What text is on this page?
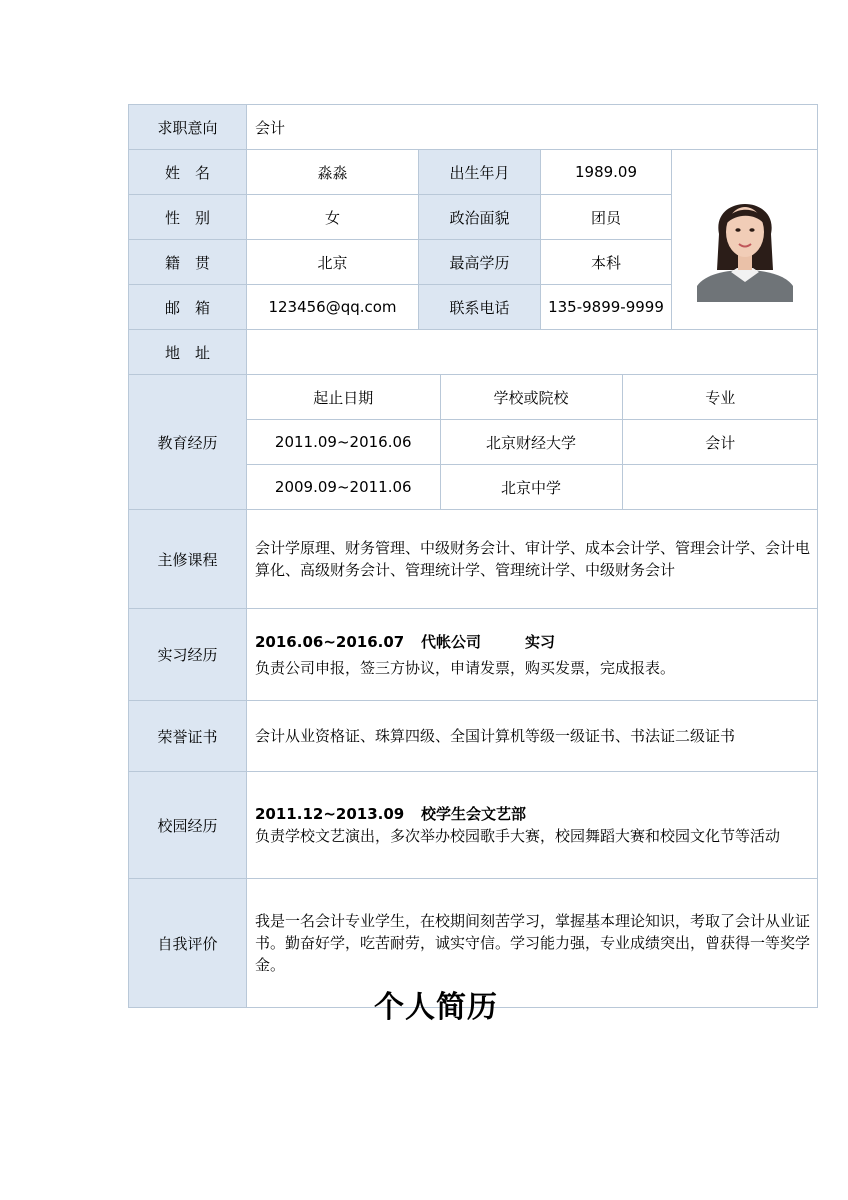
求职意向	会计
姓　名	淼淼	出生年月	1989.09	
性　别	女	政治面貌	团员
籍　贯	北京	最高学历	本科
邮　箱	123456@qq.com	联系电话	135-9899-9999
地　址	
教育经历	
起止日期	学校或院校	专业
2011.09~2016.06	北京财经大学	会计
2009.09~2011.06	北京中学	

主修课程	会计学原理、财务管理、中级财务会计、审计学、成本会计学、管理会计学、会计电算化、高级财务会计、管理统计学、管理统计学、中级财务会计
实习经历	
2016.06~2016.07 代帐公司	实习
负责公司申报，签三方协议，申请发票，购买发票，完成报表。

荣誉证书	会计从业资格证、珠算四级、全国计算机等级一级证书、书法证二级证书
校园经历	
2011.12~2013.09 校学生会文艺部
负责学校文艺演出，多次举办校园歌手大赛，校园舞蹈大赛和校园文化节等活动

自我评价	我是一名会计专业学生，在校期间刻苦学习，掌握基本理论知识，考取了会计从业证书。勤奋好学，吃苦耐劳，诚实守信。学习能力强，专业成绩突出，曾获得一等奖学金。
个人简历
